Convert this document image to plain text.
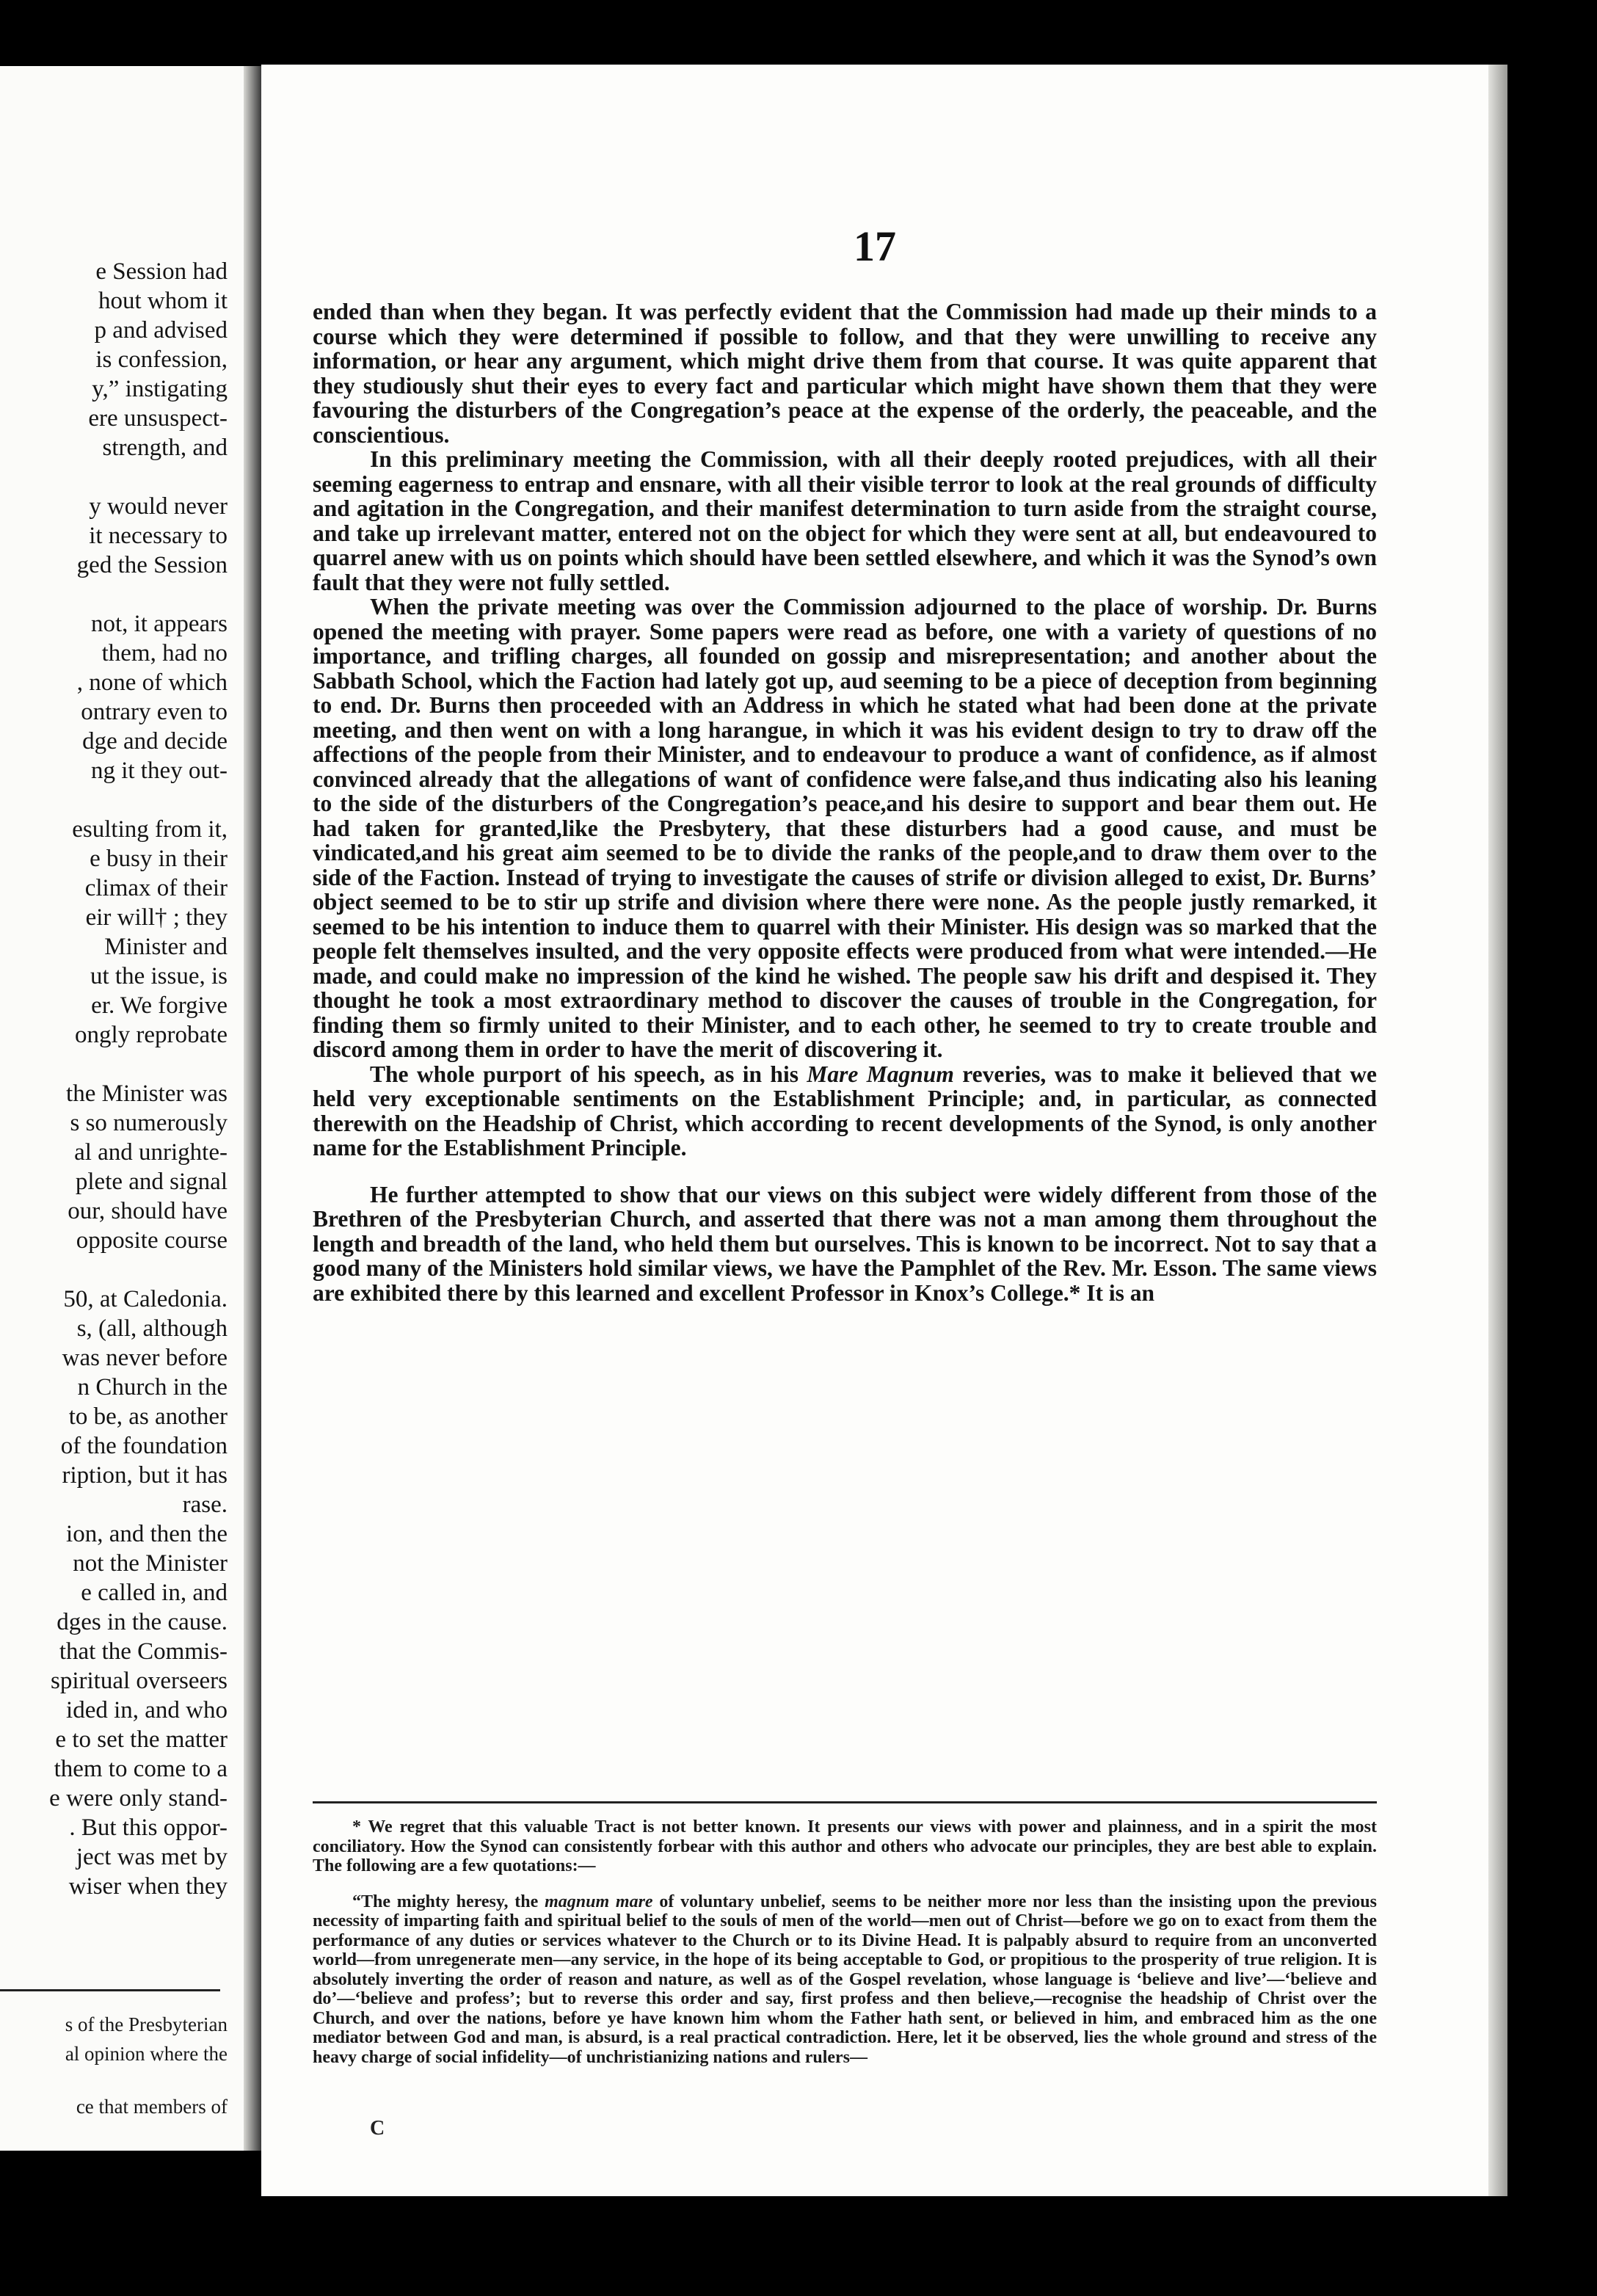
e Session had
hout whom it
p and advised
is confession,
y,” instigating
ere unsuspect-
strength, and
y would never
it necessary to
ged the Session
not, it appears
them, had no
, none of which
ontrary even to
dge and decide
ng it they out-
esulting from it,
e busy in their
climax of their
eir will† ; they
Minister and
ut the issue, is
er. We forgive
ongly reprobate
the Minister was
s so numerously
al and unrighte-
plete and signal
our, should have
opposite course
50, at Caledonia.
s, (all, although
was never before
n Church in the
to be, as another
of the foundation
ription, but it has
rase.
ion, and then the
not the Minister
e called in, and
dges in the cause.
that the Commis-
spiritual overseers
ided in, and who
e to set the matter
them to come to a
e were only stand-
. But this oppor-
ject was met by
wiser when they
s of the Presbyterian
al opinion where the
ce that members of
17

ended than when they began. It was perfectly evident that the Commission had made up their minds to a course which they were determined if possible to follow, and that they were unwilling to receive any information, or hear any argument, which might drive them from that course. It was quite apparent that they studiously shut their eyes to every fact and particular which might have shown them that they were favouring the disturbers of the Congregation’s peace at the expense of the orderly, the peaceable, and the conscientious.

In this preliminary meeting the Commission, with all their deeply rooted prejudices, with all their seeming eagerness to entrap and ensnare, with all their visible terror to look at the real grounds of difficulty and agitation in the Congregation, and their manifest determination to turn aside from the straight course, and take up irrelevant matter, entered not on the object for which they were sent at all, but endeavoured to quarrel anew with us on points which should have been settled elsewhere, and which it was the Synod’s own fault that they were not fully settled.

When the private meeting was over the Commission adjourned to the place of worship. Dr. Burns opened the meeting with prayer. Some papers were read as before, one with a variety of questions of no importance, and trifling charges, all founded on gossip and misrepresentation; and another about the Sabbath School, which the Faction had lately got up, aud seeming to be a piece of deception from beginning to end. Dr. Burns then proceeded with an Address in which he stated what had been done at the private meeting, and then went on with a long harangue, in which it was his evident design to try to draw off the affections of the people from their Minister, and to endeavour to produce a want of confidence, as if almost convinced already that the allegations of want of confidence were false,and thus indicating also his leaning to the side of the disturbers of the Congregation’s peace,and his desire to support and bear them out. He had taken for granted,like the Presbytery, that these disturbers had a good cause, and must be vindicated,and his great aim seemed to be to divide the ranks of the people,and to draw them over to the side of the Faction. Instead of trying to investigate the causes of strife or division alleged to exist, Dr. Burns’ object seemed to be to stir up strife and division where there were none. As the people justly remarked, it seemed to be his intention to induce them to quarrel with their Minister. His design was so marked that the people felt themselves insulted, and the very opposite effects were produced from what were intended.—He made, and could make no impression of the kind he wished. The people saw his drift and despised it. They thought he took a most extraordinary method to discover the causes of trouble in the Congregation, for finding them so firmly united to their Minister, and to each other, he seemed to try to create trouble and discord among them in order to have the merit of discovering it.

The whole purport of his speech, as in his Mare Magnum reveries, was to make it believed that we held very exceptionable sentiments on the Establishment Principle; and, in particular, as connected therewith on the Headship of Christ, which according to recent developments of the Synod, is only another name for the Establishment Principle.

He further attempted to show that our views on this subject were widely different from those of the Brethren of the Presbyterian Church, and asserted that there was not a man among them throughout the length and breadth of the land, who held them but ourselves. This is known to be incorrect. Not to say that a good many of the Ministers hold similar views, we have the Pamphlet of the Rev. Mr. Esson. The same views are exhibited there by this learned and excellent Professor in Knox’s College.* It is an

* We regret that this valuable Tract is not better known. It presents our views with power and plainness, and in a spirit the most conciliatory. How the Synod can consistently forbear with this author and others who advocate our principles, they are best able to explain. The following are a few quotations:—

“The mighty heresy, the magnum mare of voluntary unbelief, seems to be neither more nor less than the insisting upon the previous necessity of imparting faith and spiritual belief to the souls of men of the world—men out of Christ—before we go on to exact from them the performance of any duties or services whatever to the Church or to its Divine Head. It is palpably absurd to require from an unconverted world—from unregenerate men—any service, in the hope of its being acceptable to God, or propitious to the prosperity of true religion. It is absolutely inverting the order of reason and nature, as well as of the Gospel revelation, whose language is ‘believe and live’—‘believe and do’—‘believe and profess’; but to reverse this order and say, first profess and then believe,—recognise the headship of Christ over the Church, and over the nations, before ye have known him whom the Father hath sent, or believed in him, and embraced him as the one mediator between God and man, is absurd, is a real practical contradiction. Here, let it be observed, lies the whole ground and stress of the heavy charge of social infidelity—of unchristianizing nations and rulers—

C
